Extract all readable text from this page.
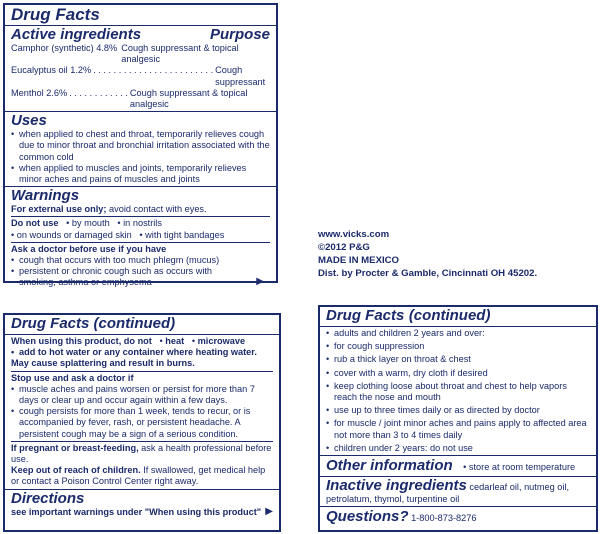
Drug Facts
Active ingredients	Purpose
Camphor (synthetic) 4.8% Cough suppressant & topical analgesic
Eucalyptus oil 1.2% . . . . . . . . . . . . . . . . . . . . . . . . Cough suppressant
Menthol 2.6% . . . . . . . . . . . . Cough suppressant & topical analgesic
Uses
• when applied to chest and throat, temporarily relieves cough due to minor throat and bronchial irritation associated with the common cold
• when applied to muscles and joints, temporarily relieves minor aches and pains of muscles and joints
Warnings
For external use only; avoid contact with eyes.
Do not use   • by mouth   • in nostrils
• on wounds or damaged skin   • with tight bandages
Ask a doctor before use if you have
• cough that occurs with too much phlegm (mucus)
• persistent or chronic cough such as occurs with smoking, asthma or emphysema	▶
www.vicks.com
©2012 P&G
MADE IN MEXICO
Dist. by Procter & Gamble, Cincinnati OH 45202.
Drug Facts (continued)
When using this product, do not   • heat   • microwave
• add to hot water or any container where heating water.
May cause splattering and result in burns.
Stop use and ask a doctor if
• muscle aches and pains worsen or persist for more than 7 days or clear up and occur again within a few days.
• cough persists for more than 1 week, tends to recur, or is accompanied by fever, rash, or persistent headache. A persistent cough may be a sign of a serious condition.
If pregnant or breast-feeding, ask a health professional before use.
Keep out of reach of children. If swallowed, get medical help or contact a Poison Control Center right away.
Directions
see important warnings under "When using this product" ▶
Drug Facts (continued)
• adults and children 2 years and over:
• for cough suppression
• rub a thick layer on throat & chest
• cover with a warm, dry cloth if desired
• keep clothing loose about throat and chest to help vapors reach the nose and mouth
• use up to three times daily or as directed by doctor
• for muscle / joint minor aches and pains apply to affected area not more than 3 to 4 times daily
• children under 2 years: do not use
Other information • store at room temperature
Inactive ingredients cedarleaf oil, nutmeg oil, petrolatum, thymol, turpentine oil
Questions? 1-800-873-8276
